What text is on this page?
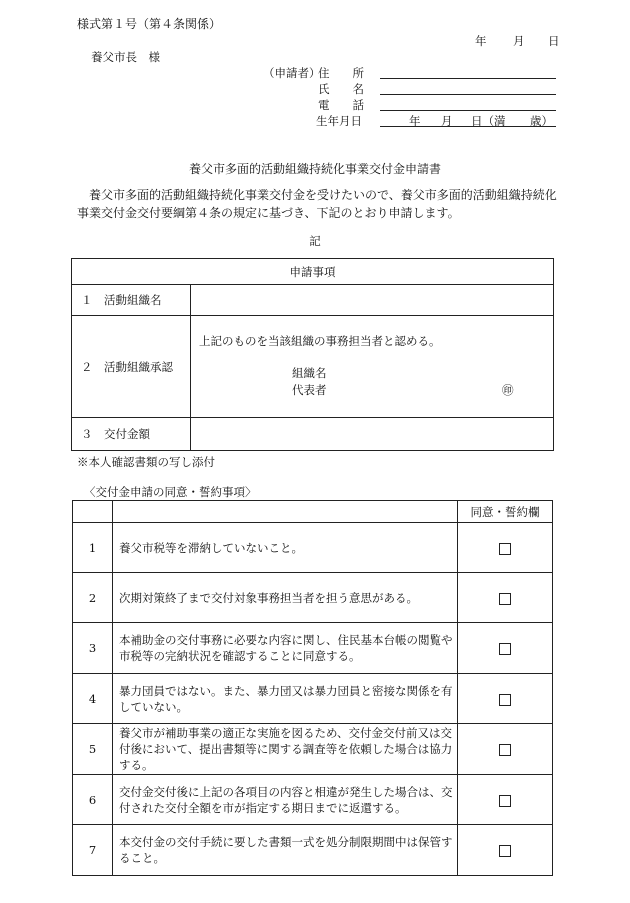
様式第１号（第４条関係）
年 月 日
養父市長　様
（申請者）
住　　所
氏　　名
電　　話
生年月日	年 月 日（満 歳）
養父市多面的活動組織持続化事業交付金申請書
養父市多面的活動組織持続化事業交付金を受けたいので、養父市多面的活動組織持続化事業交付金交付要綱第４条の規定に基づき、下記のとおり申請します。
記
申請事項	
１　活動組織名	
２　活動組織承認	上記のものを当該組織の事務担当者と認める。
組織名
代表者 ㊞

３　交付金額	
※本人確認書類の写し添付
〈交付金申請の同意・誓約事項〉
		同意・誓約欄
1	養父市税等を滞納していないこと。	
2	次期対策終了まで交付対象事務担当者を担う意思がある。	
3	本補助金の交付事務に必要な内容に関し、住民基本台帳の閲覧や市税等の完納状況を確認することに同意する。	
4	暴力団員ではない。また、暴力団又は暴力団員と密接な関係を有していない。	
5	養父市が補助事業の適正な実施を図るため、交付金交付前又は交付後において、提出書類等に関する調査等を依頼した場合は協力する。	
6	交付金交付後に上記の各項目の内容と相違が発生した場合は、交付された交付全額を市が指定する期日までに返還する。	
7	本交付金の交付手続に要した書類一式を処分制限期間中は保管すること。	
